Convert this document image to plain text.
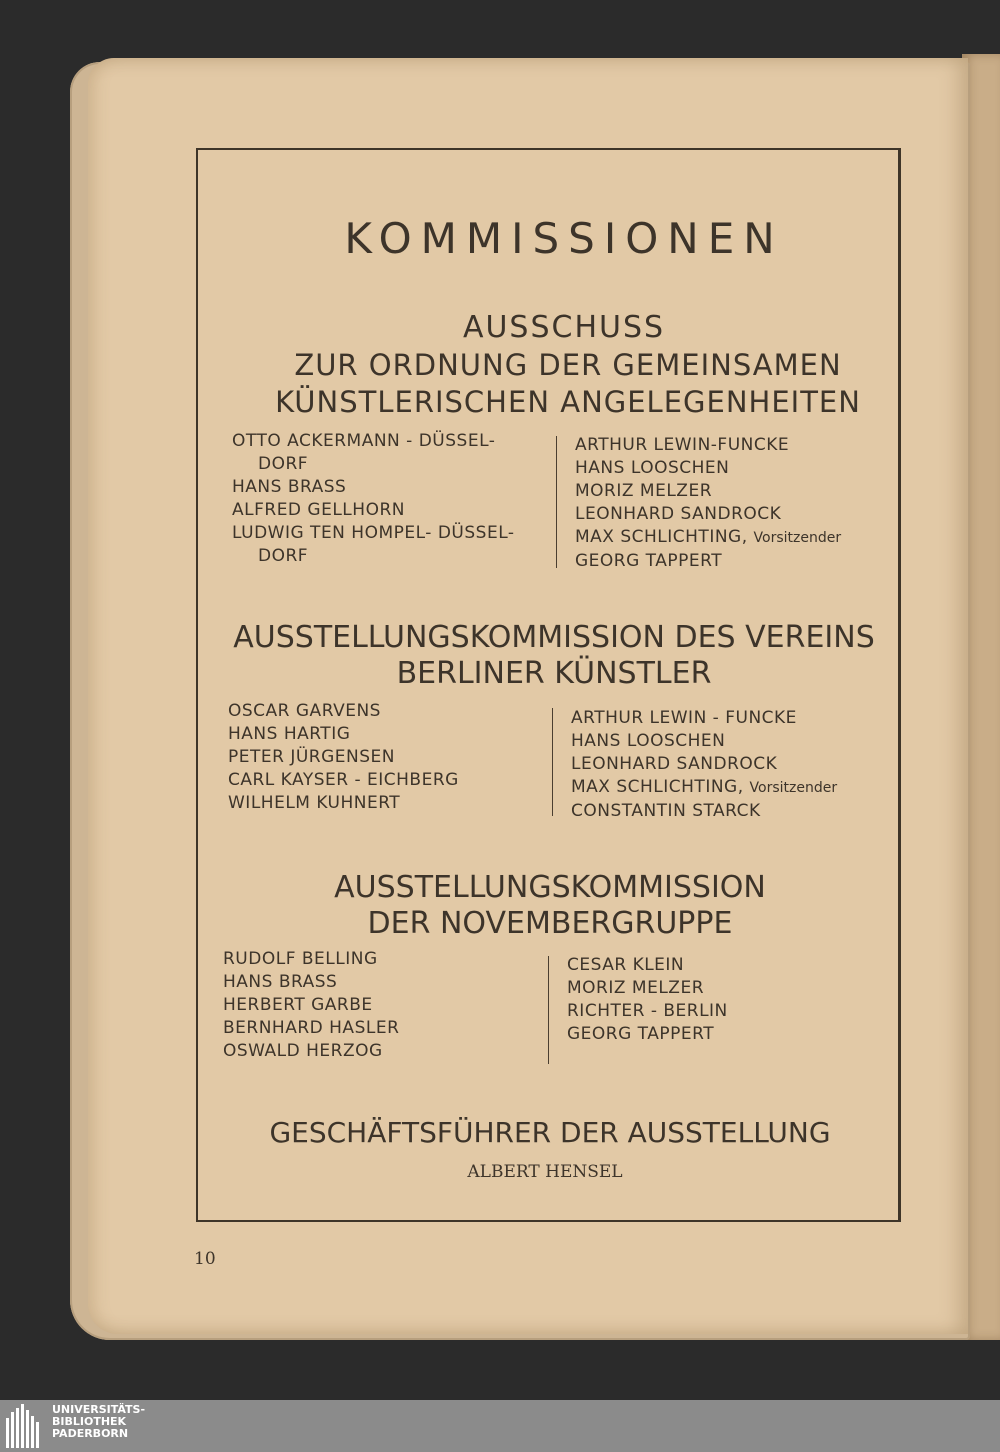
KOMMISSIONEN
AUSSCHUSS
ZUR ORDNUNG DER GEMEINSAMEN
KÜNSTLERISCHEN ANGELEGENHEITEN
OTTO ACKERMANN - DÜSSEL-
DORF
HANS BRASS
ALFRED GELLHORN
LUDWIG TEN HOMPEL- DÜSSEL-
DORF
ARTHUR LEWIN-FUNCKE
HANS LOOSCHEN
MORIZ MELZER
LEONHARD SANDROCK
MAX SCHLICHTING, Vorsitzender
GEORG TAPPERT
AUSSTELLUNGSKOMMISSION DES VEREINS
BERLINER KÜNSTLER
OSCAR GARVENS
HANS HARTIG
PETER JÜRGENSEN
CARL KAYSER - EICHBERG
WILHELM KUHNERT
ARTHUR LEWIN - FUNCKE
HANS LOOSCHEN
LEONHARD SANDROCK
MAX SCHLICHTING, Vorsitzender
CONSTANTIN STARCK
AUSSTELLUNGSKOMMISSION
DER NOVEMBERGRUPPE
RUDOLF BELLING
HANS BRASS
HERBERT GARBE
BERNHARD HASLER
OSWALD HERZOG
CESAR KLEIN
MORIZ MELZER
RICHTER - BERLIN
GEORG TAPPERT
GESCHÄFTSFÜHRER DER AUSSTELLUNG
ALBERT HENSEL
10
UNIVERSITÄTS-
BIBLIOTHEK
PADERBORN
